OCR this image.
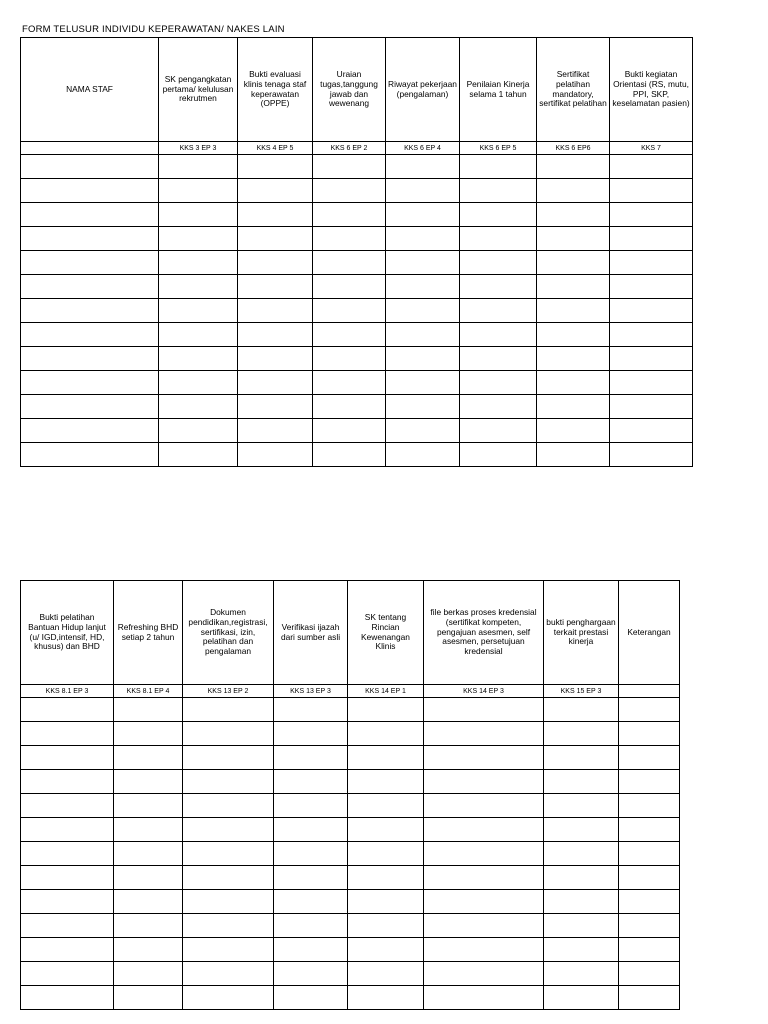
FORM TELUSUR INDIVIDU KEPERAWATAN/ NAKES LAIN
NAMA STAF	SK pengangkatan pertama/ kelulusan rekrutmen	Bukti evaluasi klinis tenaga staf keperawatan (OPPE)	Uraian tugas,tanggung jawab dan wewenang	Riwayat pekerjaan (pengalaman)	Penilaian Kinerja selama 1 tahun	Sertifikat pelatihan mandatory, sertifikat pelatihan	Bukti kegiatan Orientasi (RS, mutu, PPI, SKP, keselamatan pasien)
	KKS 3 EP 3	KKS 4 EP 5	KKS 6 EP 2	KKS 6 EP 4	KKS 6 EP 5	KKS 6 EP6	KKS 7

Bukti pelatihan Bantuan Hidup lanjut (u/ IGD,intensif, HD, khusus) dan BHD	Refreshing BHD setiap 2 tahun	Dokumen pendidikan,registrasi, sertifikasi, izin, pelatihan dan pengalaman	Verifikasi ijazah dari sumber asli	SK tentang Rincian Kewenangan Klinis	file berkas proses kredensial (sertifikat kompeten, pengajuan asesmen, self asesmen, persetujuan kredensial	bukti penghargaan terkait prestasi kinerja	Keterangan
KKS 8.1 EP 3	KKS 8.1 EP 4	KKS 13 EP 2	KKS 13 EP 3	KKS 14 EP 1	KKS 14 EP 3	KKS 15 EP 3	
